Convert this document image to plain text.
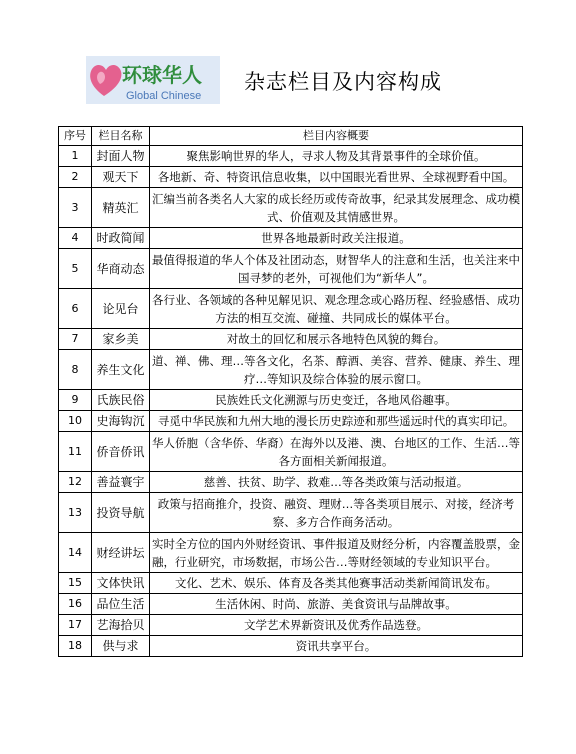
环球华人
Global Chinese
杂志栏目及内容构成
序号	栏目名称	栏目内容概要
1	封面人物	聚焦影响世界的华人，寻求人物及其背景事件的全球价值。
2	观天下	各地新、奇、特资讯信息收集，以中国眼光看世界、全球视野看中国。
3	精英汇	汇编当前各类名人大家的成长经历或传奇故事，纪录其发展理念、成功模式、价值观及其情感世界。
4	时政简闻	世界各地最新时政关注报道。
5	华商动态	最值得报道的华人个体及社团动态，财智华人的注意和生活，也关注来中国寻梦的老外，可视他们为“新华人”。
6	论见台	各行业、各领域的各种见解见识、观念理念或心路历程、经验感悟、成功方法的相互交流、碰撞、共同成长的媒体平台。
7	家乡美	对故土的回忆和展示各地特色风貌的舞台。
8	养生文化	道、禅、佛、理…等各文化，名茶、醇酒、美容、营养、健康、养生、理疗…等知识及综合体验的展示窗口。
9	氏族民俗	民族姓氏文化溯源与历史变迁，各地风俗趣事。
10	史海钩沉	寻觅中华民族和九州大地的漫长历史踪迹和那些遥远时代的真实印记。
11	侨音侨讯	华人侨胞（含华侨、华裔）在海外以及港、澳、台地区的工作、生活…等各方面相关新闻报道。
12	善益寰宇	慈善、扶贫、助学、救难…等各类政策与活动报道。
13	投资导航	政策与招商推介，投资、融资、理财…等各类项目展示、对接，经济考察、多方合作商务活动。
14	财经讲坛	实时全方位的国内外财经资讯、事件报道及财经分析，内容覆盖股票，金融，行业研究，市场数据，市场公告…等财经领域的专业知识平台。
15	文体快讯	文化、艺术、娱乐、体育及各类其他赛事活动类新闻简讯发布。
16	品位生活	生活休闲、时尚、旅游、美食资讯与品牌故事。
17	艺海拾贝	文学艺术界新资讯及优秀作品选登。
18	供与求	资讯共享平台。
